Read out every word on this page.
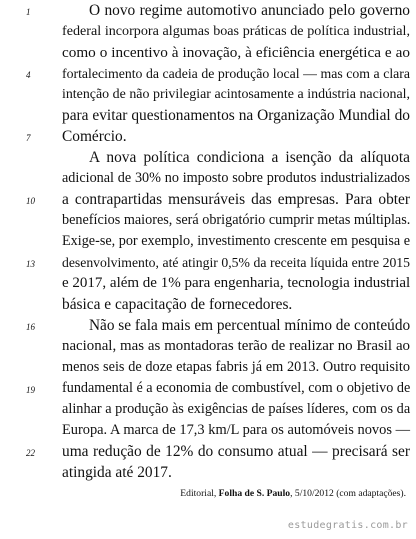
1
4
7
10
13
16
19
22
O novo regime automotivo anunciado pelo governo
federal incorpora algumas boas práticas de política industrial,
como o incentivo à inovação, à eficiência energética e ao
fortalecimento da cadeia de produção local — mas com a clara
intenção de não privilegiar acintosamente a indústria nacional,
para evitar questionamentos na Organização Mundial do
Comércio.
A nova política condiciona a isenção da alíquota
adicional de 30% no imposto sobre produtos industrializados
a contrapartidas mensuráveis das empresas. Para obter
benefícios maiores, será obrigatório cumprir metas múltiplas.
Exige-se, por exemplo, investimento crescente em pesquisa e
desenvolvimento, até atingir 0,5% da receita líquida entre 2015
e 2017, além de 1% para engenharia, tecnologia industrial
básica e capacitação de fornecedores.
Não se fala mais em percentual mínimo de conteúdo
nacional, mas as montadoras terão de realizar no Brasil ao
menos seis de doze etapas fabris já em 2013. Outro requisito
fundamental é a economia de combustível, com o objetivo de
alinhar a produção às exigências de países líderes, com os da
Europa. A marca de 17,3 km/L para os automóveis novos —
uma redução de 12% do consumo atual — precisará ser
atingida até 2017.
Editorial, Folha de S. Paulo, 5/10/2012 (com adaptações).
estudegratis.com.br
